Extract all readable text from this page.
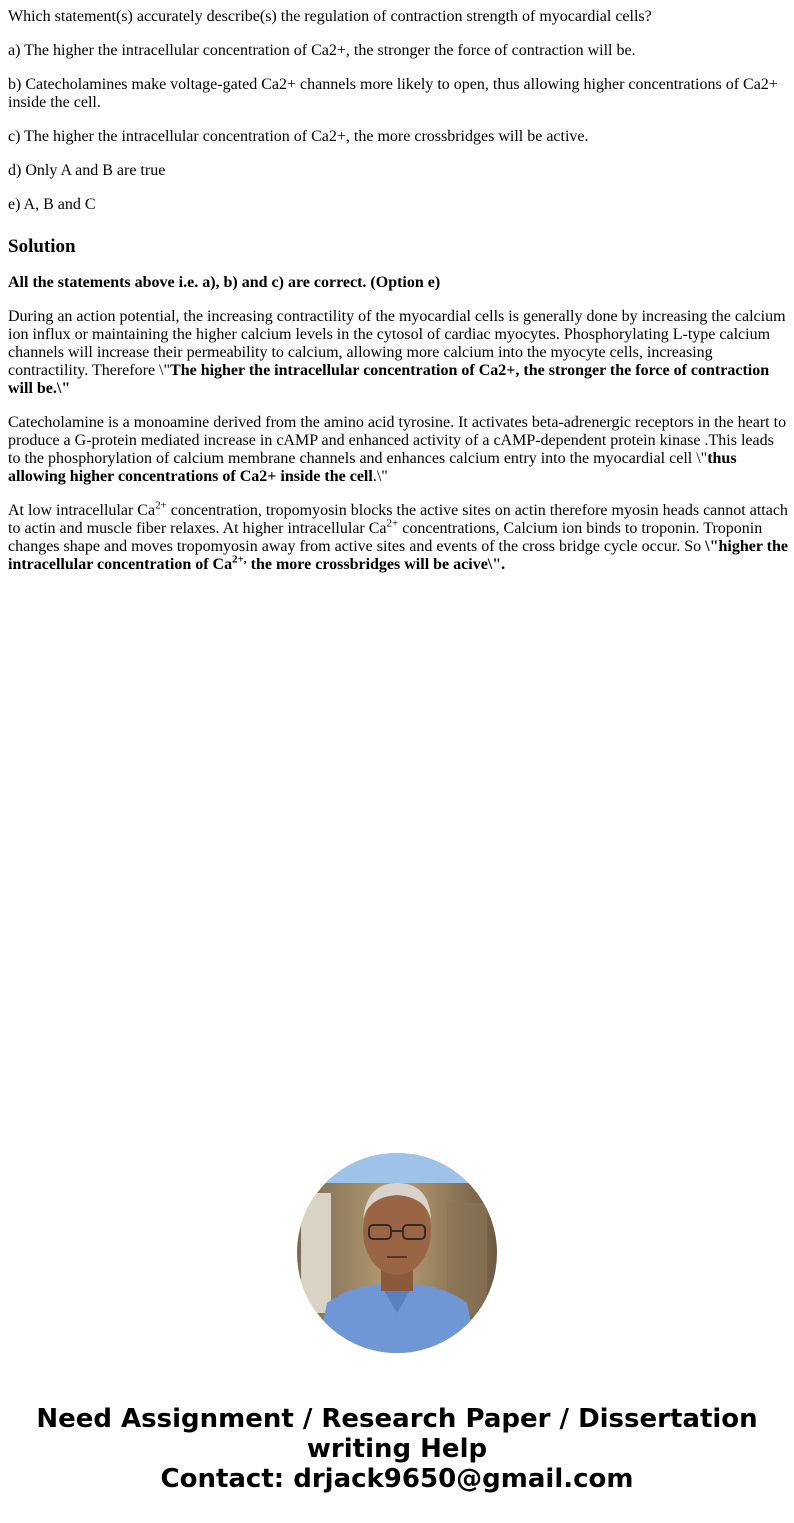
Which statement(s) accurately describe(s) the regulation of contraction strength of myocardial cells?

a) The higher the intracellular concentration of Ca2+, the stronger the force of contraction will be.

b) Catecholamines make voltage-gated Ca2+ channels more likely to open, thus allowing higher concentrations of Ca2+ inside the cell.

c) The higher the intracellular concentration of Ca2+, the more crossbridges will be active.

d) Only A and B are true

e) A, B and C

Solution

All the statements above i.e. a), b) and c) are correct. (Option e)

During an action potential, the increasing contractility of the myocardial cells is generally done by increasing the calcium ion influx or maintaining the higher calcium levels in the cytosol of cardiac myocytes. Phosphorylating L-type calcium channels will increase their permeability to calcium, allowing more calcium into the myocyte cells, increasing contractility. Therefore \"The higher the intracellular concentration of Ca2+, the stronger the force of contraction will be.\"

Catecholamine is a monoamine derived from the amino acid tyrosine. It activates beta-adrenergic receptors in the heart to produce a G-protein mediated increase in cAMP and enhanced activity of a cAMP-dependent protein kinase .This leads to the phosphorylation of calcium membrane channels and enhances calcium entry into the myocardial cell \"thus allowing higher concentrations of Ca2+ inside the cell.\"

At low intracellular $Ca^{2+}$ concentration, tropomyosin blocks the active sites on actin therefore myosin heads cannot attach to actin and muscle fiber relaxes. At higher intracellular $Ca^{2+}$ concentrations, Calcium ion binds to troponin. Troponin changes shape and moves tropomyosin away from active sites and events of the cross bridge cycle occur. So \"higher the intracellular concentration of $Ca^{2+,}$ the more crossbridges will be acive\".

Need Assignment / Research Paper / Dissertation
writing Help
Contact: drjack9650@gmail.com
